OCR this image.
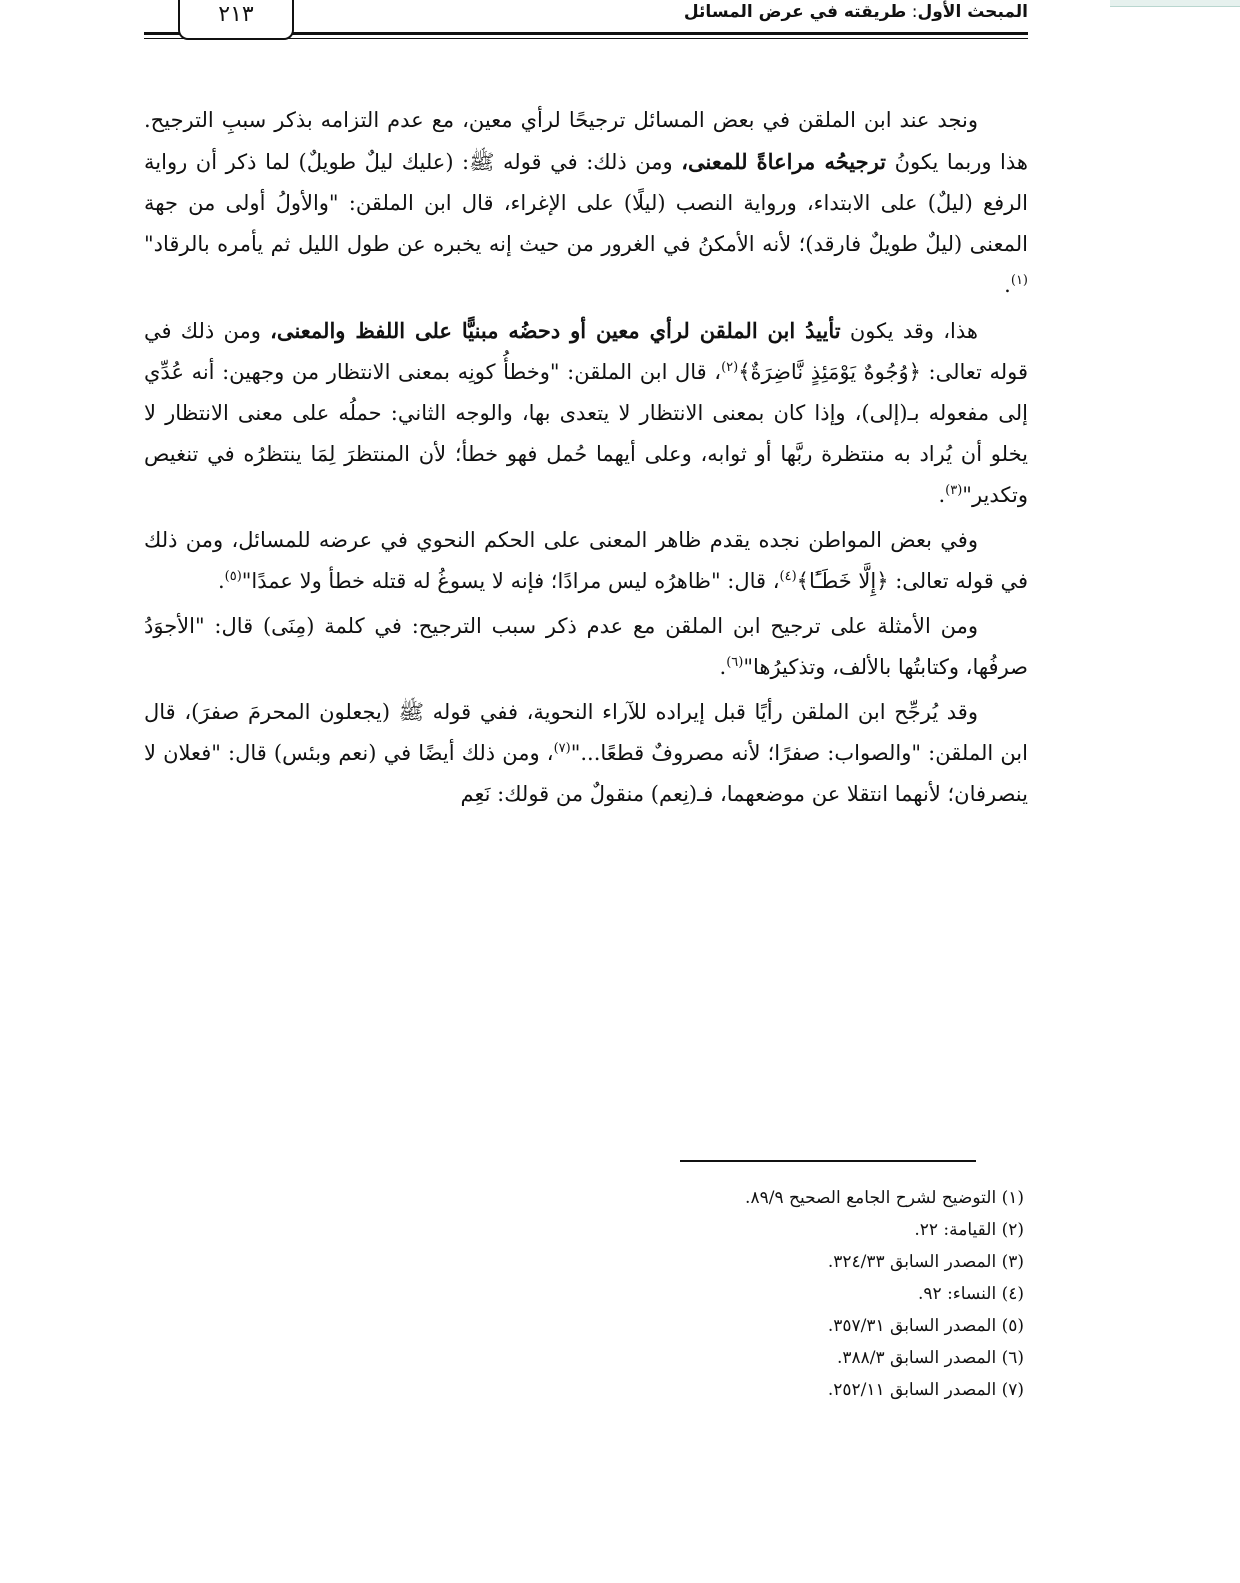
المبحث الأول: طريقته في عرض المسائل
٢١٣

ونجد عند ابن الملقن في بعض المسائل ترجيحًا لرأي معين، مع عدم التزامه بذكر سببِ الترجيح. هذا وربما يكونُ ترجيحُه مراعاةً للمعنى، ومن ذلك: في قوله ﷺ: (عليك ليلٌ طويلٌ) لما ذكر أن رواية الرفع (ليلٌ) على الابتداء، ورواية النصب (ليلًا) على الإغراء، قال ابن الملقن: "والأولُ أولى من جهة المعنى (ليلٌ طويلٌ فارقد)؛ لأنه الأمكنُ في الغرور من حيث إنه يخبره عن طول الليل ثم يأمره بالرقاد"$^{(١)}$.

هذا، وقد يكون تأييدُ ابن الملقن لرأي معين أو دحضُه مبنيًّا على اللفظ والمعنى، ومن ذلك في قوله تعالى: ﴿وُجُوهٌ يَوْمَئِذٍ نَّاضِرَةٌ﴾$^{(٢)}$، قال ابن الملقن: "وخطأُ كونِه بمعنى الانتظار من وجهين: أنه عُدِّي إلى مفعوله بـ(إلى)، وإذا كان بمعنى الانتظار لا يتعدى بها، والوجه الثاني: حملُه على معنى الانتظار لا يخلو أن يُراد به منتظرة ربَّها أو ثوابه، وعلى أيهما حُمل فهو خطأ؛ لأن المنتظرَ لِمَا ينتظرُه في تنغيص وتكدير"$^{(٣)}$.

وفي بعض المواطن نجده يقدم ظاهر المعنى على الحكم النحوي في عرضه للمسائل، ومن ذلك في قوله تعالى: ﴿إِلَّا خَطَـًٔا﴾$^{(٤)}$، قال: "ظاهرُه ليس مرادًا؛ فإنه لا يسوغُ له قتله خطأ ولا عمدًا"$^{(٥)}$.

ومن الأمثلة على ترجيح ابن الملقن مع عدم ذكر سبب الترجيح: في كلمة (مِنَى) قال: "الأجوَدُ صرفُها، وكتابتُها بالألف، وتذكيرُها"$^{(٦)}$.

وقد يُرجِّح ابن الملقن رأيًا قبل إيراده للآراء النحوية، ففي قوله ﷺ (يجعلون المحرمَ صفرَ)، قال ابن الملقن: "والصواب: صفرًا؛ لأنه مصروفٌ قطعًا..."$^{(٧)}$، ومن ذلك أيضًا في (نعم وبئس) قال: "فعلان لا ينصرفان؛ لأنهما انتقلا عن موضعهما، فـ(نِعم) منقولٌ من قولك: نَعِم

(١) التوضيح لشرح الجامع الصحيح ٨٩/٩.
(٢) القيامة: ٢٢.
(٣) المصدر السابق ٣٢٤/٣٣.
(٤) النساء: ٩٢.
(٥) المصدر السابق ٣٥٧/٣١.
(٦) المصدر السابق ٣٨٨/٣.
(٧) المصدر السابق ٢٥٢/١١.
